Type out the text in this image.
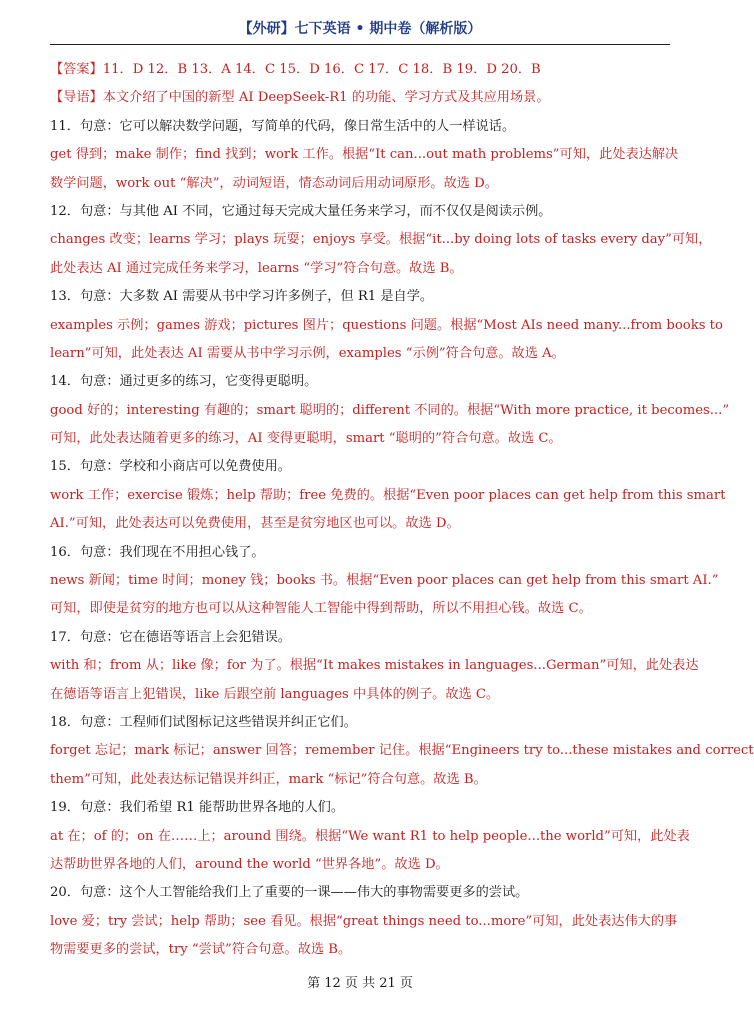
【外研】七下英语 • 期中卷（解析版）
【答案】11．D 12．B 13．A 14．C 15．D 16．C 17．C 18．B 19．D 20．B
【导语】本文介绍了中国的新型 AI DeepSeek-R1 的功能、学习方式及其应用场景。
11．句意：它可以解决数学问题，写简单的代码，像日常生活中的人一样说话。
get 得到；make 制作；find 找到；work 工作。根据“It can...out math problems”可知，此处表达解决
数学问题，work out “解决”，动词短语，情态动词后用动词原形。故选 D。
12．句意：与其他 AI 不同，它通过每天完成大量任务来学习，而不仅仅是阅读示例。
changes 改变；learns 学习；plays 玩耍；enjoys 享受。根据“it...by doing lots of tasks every day”可知，
此处表达 AI 通过完成任务来学习，learns “学习”符合句意。故选 B。
13．句意：大多数 AI 需要从书中学习许多例子，但 R1 是自学。
examples 示例；games 游戏；pictures 图片；questions 问题。根据“Most AIs need many...from books to
learn”可知，此处表达 AI 需要从书中学习示例，examples “示例”符合句意。故选 A。
14．句意：通过更多的练习，它变得更聪明。
good 好的；interesting 有趣的；smart 聪明的；different 不同的。根据“With more practice, it becomes...”
可知，此处表达随着更多的练习，AI 变得更聪明，smart “聪明的”符合句意。故选 C。
15．句意：学校和小商店可以免费使用。
work 工作；exercise 锻炼；help 帮助；free 免费的。根据“Even poor places can get help from this smart
AI.”可知，此处表达可以免费使用，甚至是贫穷地区也可以。故选 D。
16．句意：我们现在不用担心钱了。
news 新闻；time 时间；money 钱；books 书。根据“Even poor places can get help from this smart AI.”
可知，即使是贫穷的地方也可以从这种智能人工智能中得到帮助，所以不用担心钱。故选 C。
17．句意：它在德语等语言上会犯错误。
with 和；from 从；like 像；for 为了。根据“It makes mistakes in languages...German”可知，此处表达
在德语等语言上犯错误，like 后跟空前 languages 中具体的例子。故选 C。
18．句意：工程师们试图标记这些错误并纠正它们。
forget 忘记；mark 标记；answer 回答；remember 记住。根据“Engineers try to...these mistakes and correct
them”可知，此处表达标记错误并纠正，mark “标记”符合句意。故选 B。
19．句意：我们希望 R1 能帮助世界各地的人们。
at 在；of 的；on 在……上；around 围绕。根据“We want R1 to help people...the world”可知，此处表
达帮助世界各地的人们，around the world “世界各地”。故选 D。
20．句意：这个人工智能给我们上了重要的一课——伟大的事物需要更多的尝试。
love 爱；try 尝试；help 帮助；see 看见。根据“great things need to...more”可知，此处表达伟大的事
物需要更多的尝试，try “尝试”符合句意。故选 B。
第 12 页 共 21 页
